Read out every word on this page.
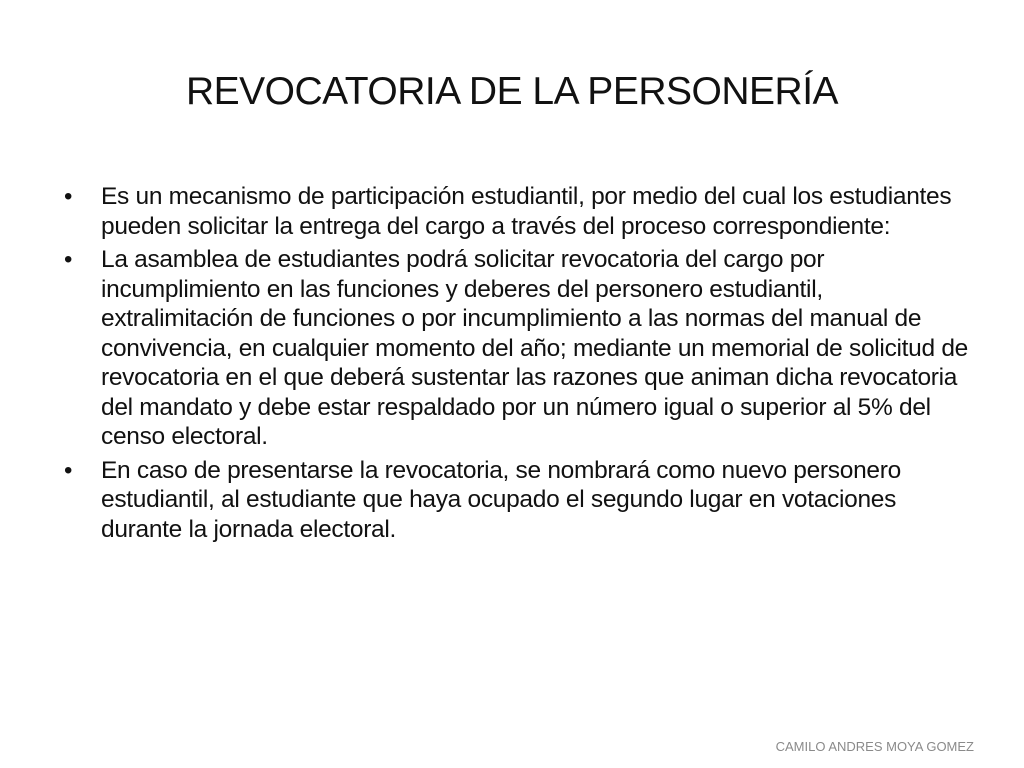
REVOCATORIA DE LA PERSONERÍA
• Es un mecanismo de participación estudiantil, por medio del cual los estudiantes pueden solicitar la entrega del cargo a través del proceso correspondiente:
• La asamblea de estudiantes podrá solicitar revocatoria del cargo por incumplimiento en las funciones y deberes del personero estudiantil, extralimitación de funciones o por incumplimiento a las normas del manual de convivencia, en cualquier momento del año; mediante un memorial de solicitud de revocatoria en el que deberá sustentar las razones que animan dicha revocatoria del mandato y debe estar respaldado por un número igual o superior al 5% del censo electoral.
• En caso de presentarse la revocatoria, se nombrará como nuevo personero estudiantil, al estudiante que haya ocupado el segundo lugar en votaciones durante la jornada electoral.
CAMILO ANDRES MOYA GOMEZ
